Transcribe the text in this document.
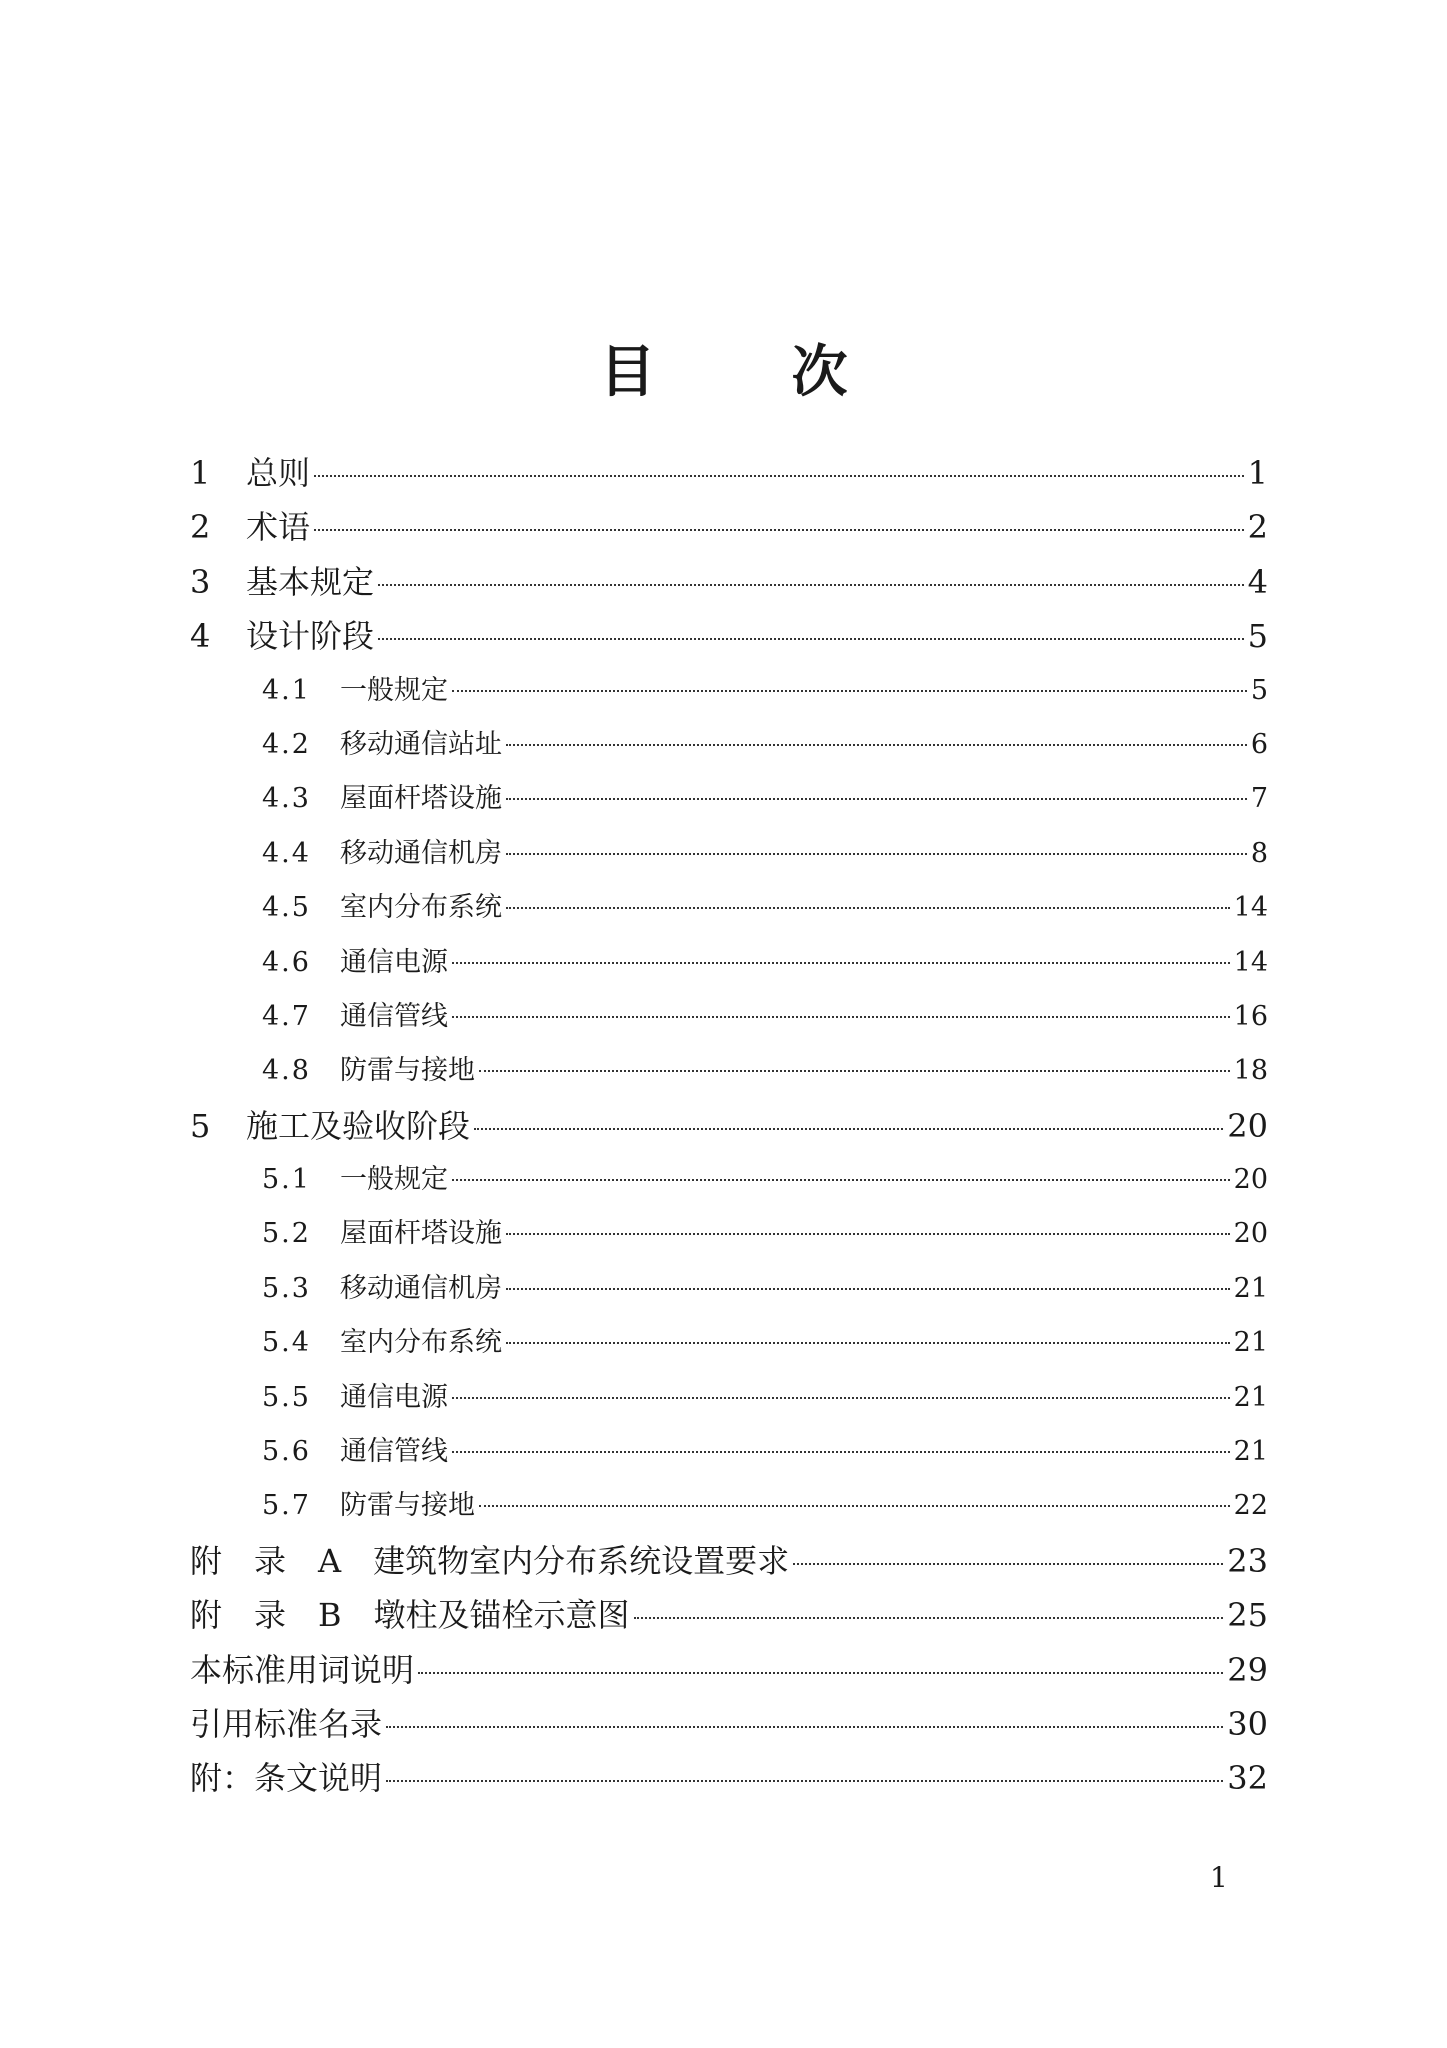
目　次
1	总则	1
2	术语	2
3	基本规定	4
4	设计阶段	5
4.1	一般规定	5
4.2	移动通信站址	6
4.3	屋面杆塔设施	7
4.4	移动通信机房	8
4.5	室内分布系统	14
4.6	通信电源	14
4.7	通信管线	16
4.8	防雷与接地	18
5	施工及验收阶段	20
5.1	一般规定	20
5.2	屋面杆塔设施	20
5.3	移动通信机房	21
5.4	室内分布系统	21
5.5	通信电源	21
5.6	通信管线	21
5.7	防雷与接地	22
附　录　A　建筑物室内分布系统设置要求	23
附　录　B　墩柱及锚栓示意图	25
本标准用词说明	29
引用标准名录	30
附：条文说明	32
1
